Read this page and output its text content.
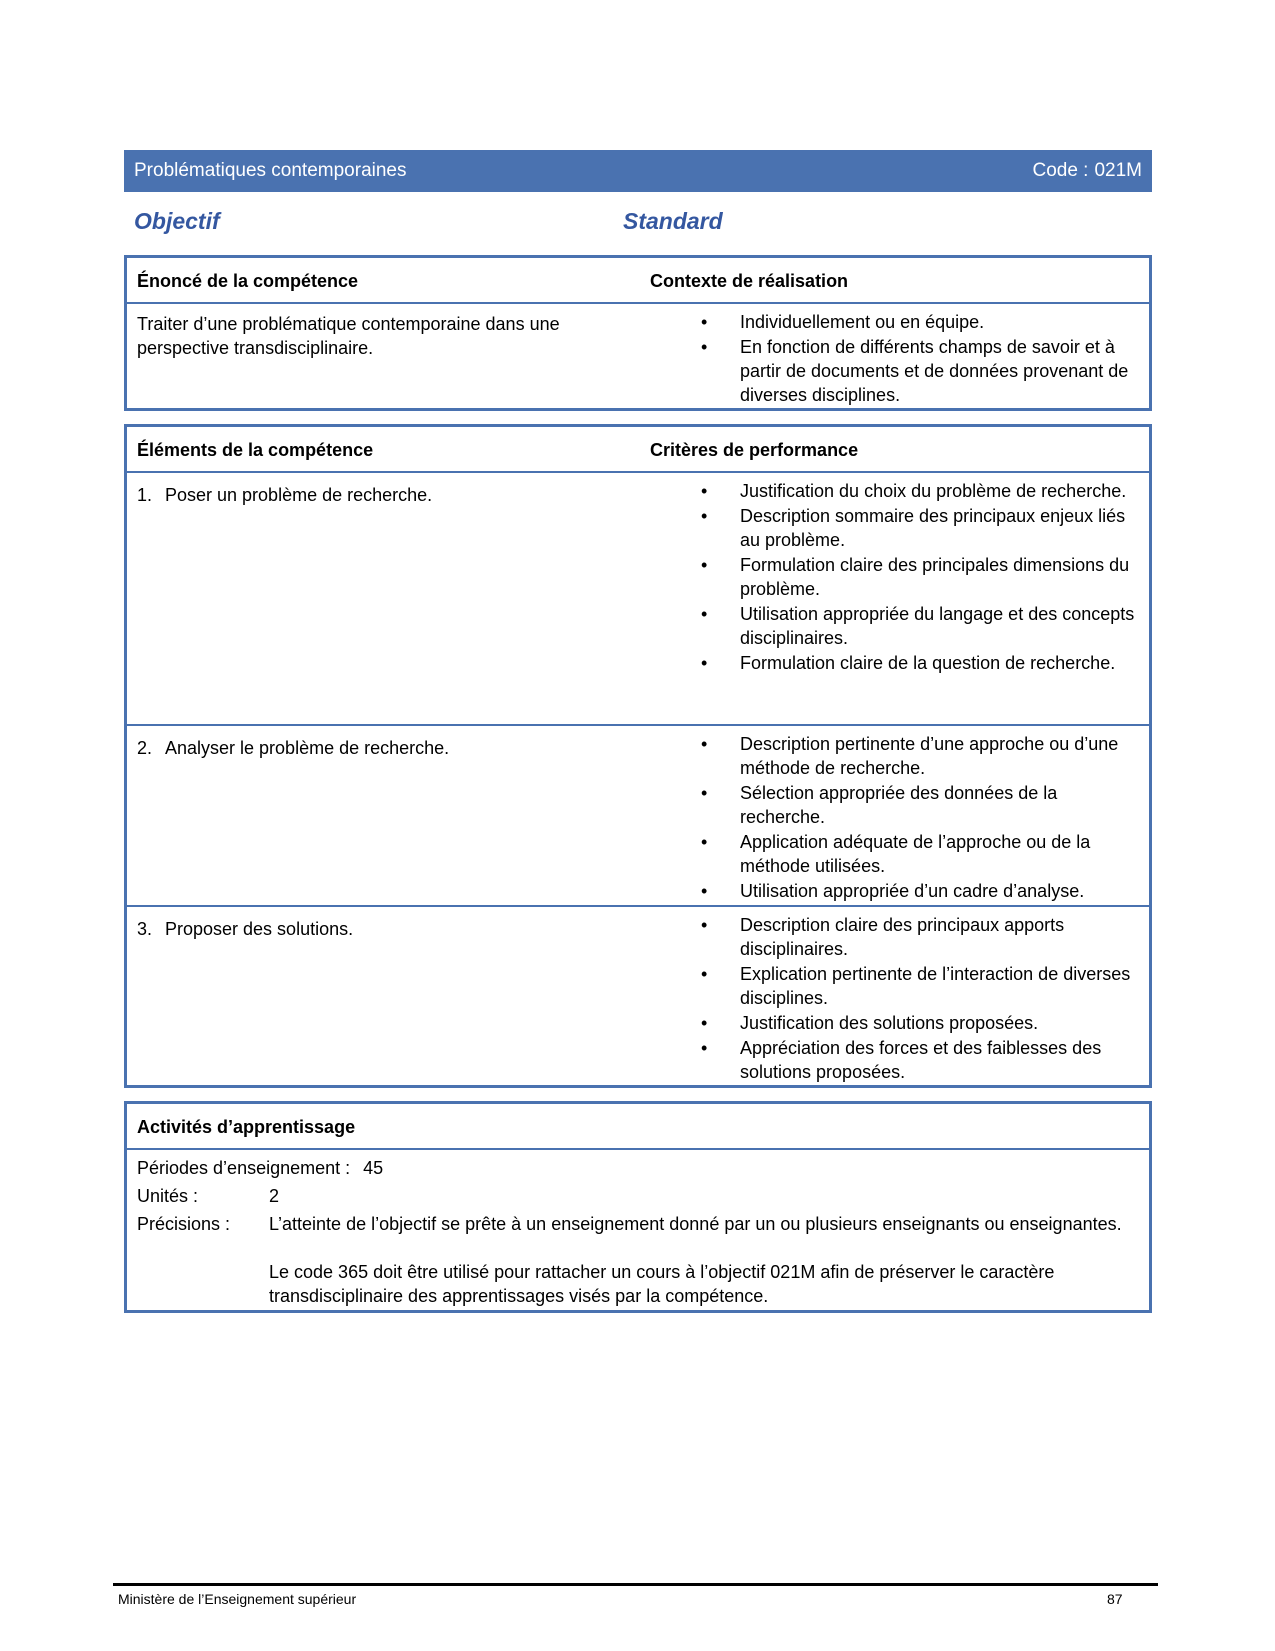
Problématiques contemporaines	Code : 021M
Objectif	Standard
Énoncé de la compétence	Contexte de réalisation
Traiter d’une problématique contemporaine dans une perspective transdisciplinaire.
• Individuellement ou en équipe.
• En fonction de différents champs de savoir et à partir de documents et de données provenant de diverses disciplines.
Éléments de la compétence	Critères de performance
1. Poser un problème de recherche.	• Justification du choix du problème de recherche.
• Description sommaire des principaux enjeux liés au problème.
• Formulation claire des principales dimensions du problème.
• Utilisation appropriée du langage et des concepts disciplinaires.
• Formulation claire de la question de recherche.
2. Analyser le problème de recherche.	• Description pertinente d’une approche ou d’une méthode de recherche.
• Sélection appropriée des données de la recherche.
• Application adéquate de l’approche ou de la méthode utilisées.
• Utilisation appropriée d’un cadre d’analyse.
3. Proposer des solutions.	• Description claire des principaux apports disciplinaires.
• Explication pertinente de l’interaction de diverses disciplines.
• Justification des solutions proposées.
• Appréciation des forces et des faiblesses des solutions proposées.
Activités d’apprentissage
Périodes d’enseignement : 45
Unités :	2
Précisions : L’atteinte de l’objectif se prête à un enseignement donné par un ou plusieurs enseignants ou enseignantes.
Le code 365 doit être utilisé pour rattacher un cours à l’objectif 021M afin de préserver le caractère transdisciplinaire des apprentissages visés par la compétence.
Ministère de l’Enseignement supérieur	87
